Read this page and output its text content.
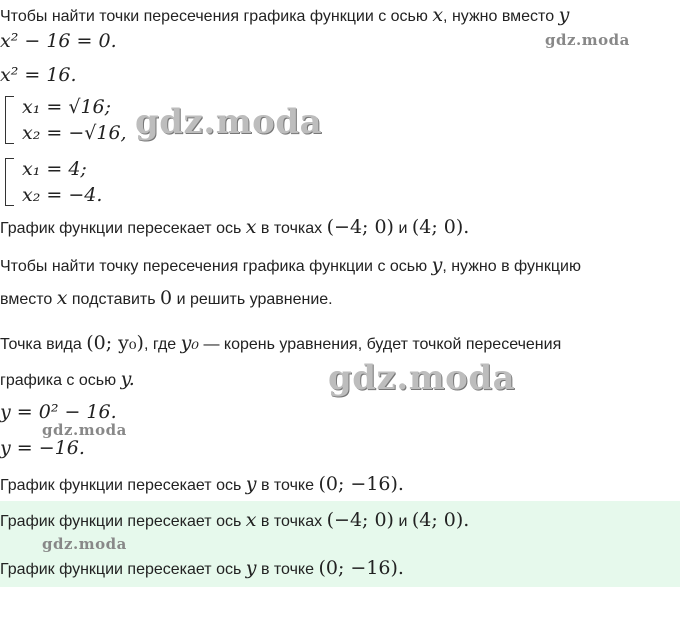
Чтобы найти точки пересечения графика функции с осью x, нужно вместо y
x² − 16 = 0.	gdz.moda
x² = 16.
x₁ = √16;
x₂ = −√16, gdz.moda
x₁ = 4;
x₂ = −4.
График функции пересекает ось x в точках (−4; 0) и (4; 0).
Чтобы найти точку пересечения графика функции с осью y, нужно в функцию
вместо x подставить 0 и решить уравнение.
Точка вида (0; y₀), где y₀ — корень уравнения, будет точкой пересечения
графика с осью y.	gdz.moda
y = 0² − 16.
gdz.moda
y = −16.
График функции пересекает ось y в точке (0; −16).
График функции пересекает ось x в точках (−4; 0) и (4; 0).
gdz.moda
График функции пересекает ось y в точке (0; −16).
